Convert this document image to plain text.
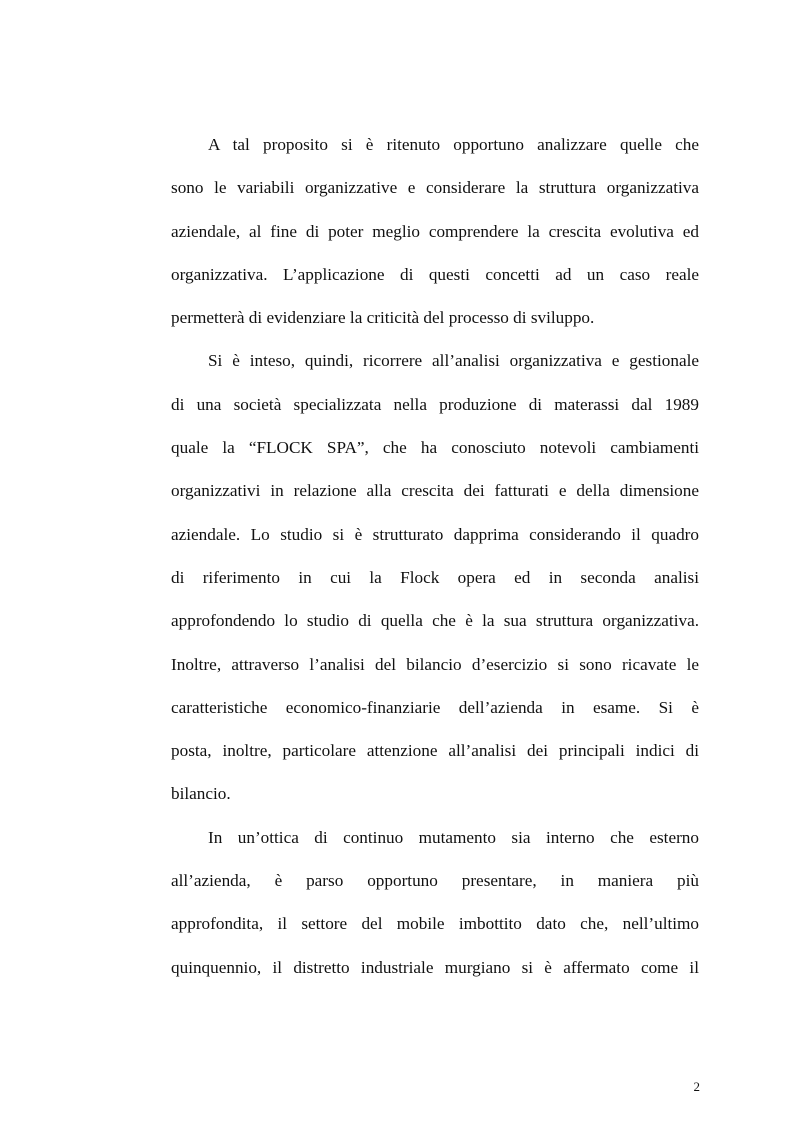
A tal proposito si è ritenuto opportuno analizzare quelle che
sono le variabili organizzative e considerare la struttura organizzativa
aziendale, al fine di poter meglio comprendere la crescita evolutiva ed
organizzativa. L’applicazione di questi concetti ad un caso reale
permetterà di evidenziare la criticità del processo di sviluppo.
Si è inteso, quindi, ricorrere all’analisi organizzativa e gestionale
di una società specializzata nella produzione di materassi dal 1989
quale la “FLOCK SPA”, che ha conosciuto notevoli cambiamenti
organizzativi in relazione alla crescita dei fatturati e della dimensione
aziendale. Lo studio si è strutturato dapprima considerando il quadro
di riferimento in cui la Flock opera ed in seconda analisi
approfondendo lo studio di quella che è la sua struttura organizzativa.
Inoltre, attraverso l’analisi del bilancio d’esercizio si sono ricavate le
caratteristiche economico-finanziarie dell’azienda in esame. Si è
posta, inoltre, particolare attenzione all’analisi dei principali indici di
bilancio.
In un’ottica di continuo mutamento sia interno che esterno
all’azienda, è parso opportuno presentare, in maniera più
approfondita, il settore del mobile imbottito dato che, nell’ultimo
quinquennio, il distretto industriale murgiano si è affermato come il
2
